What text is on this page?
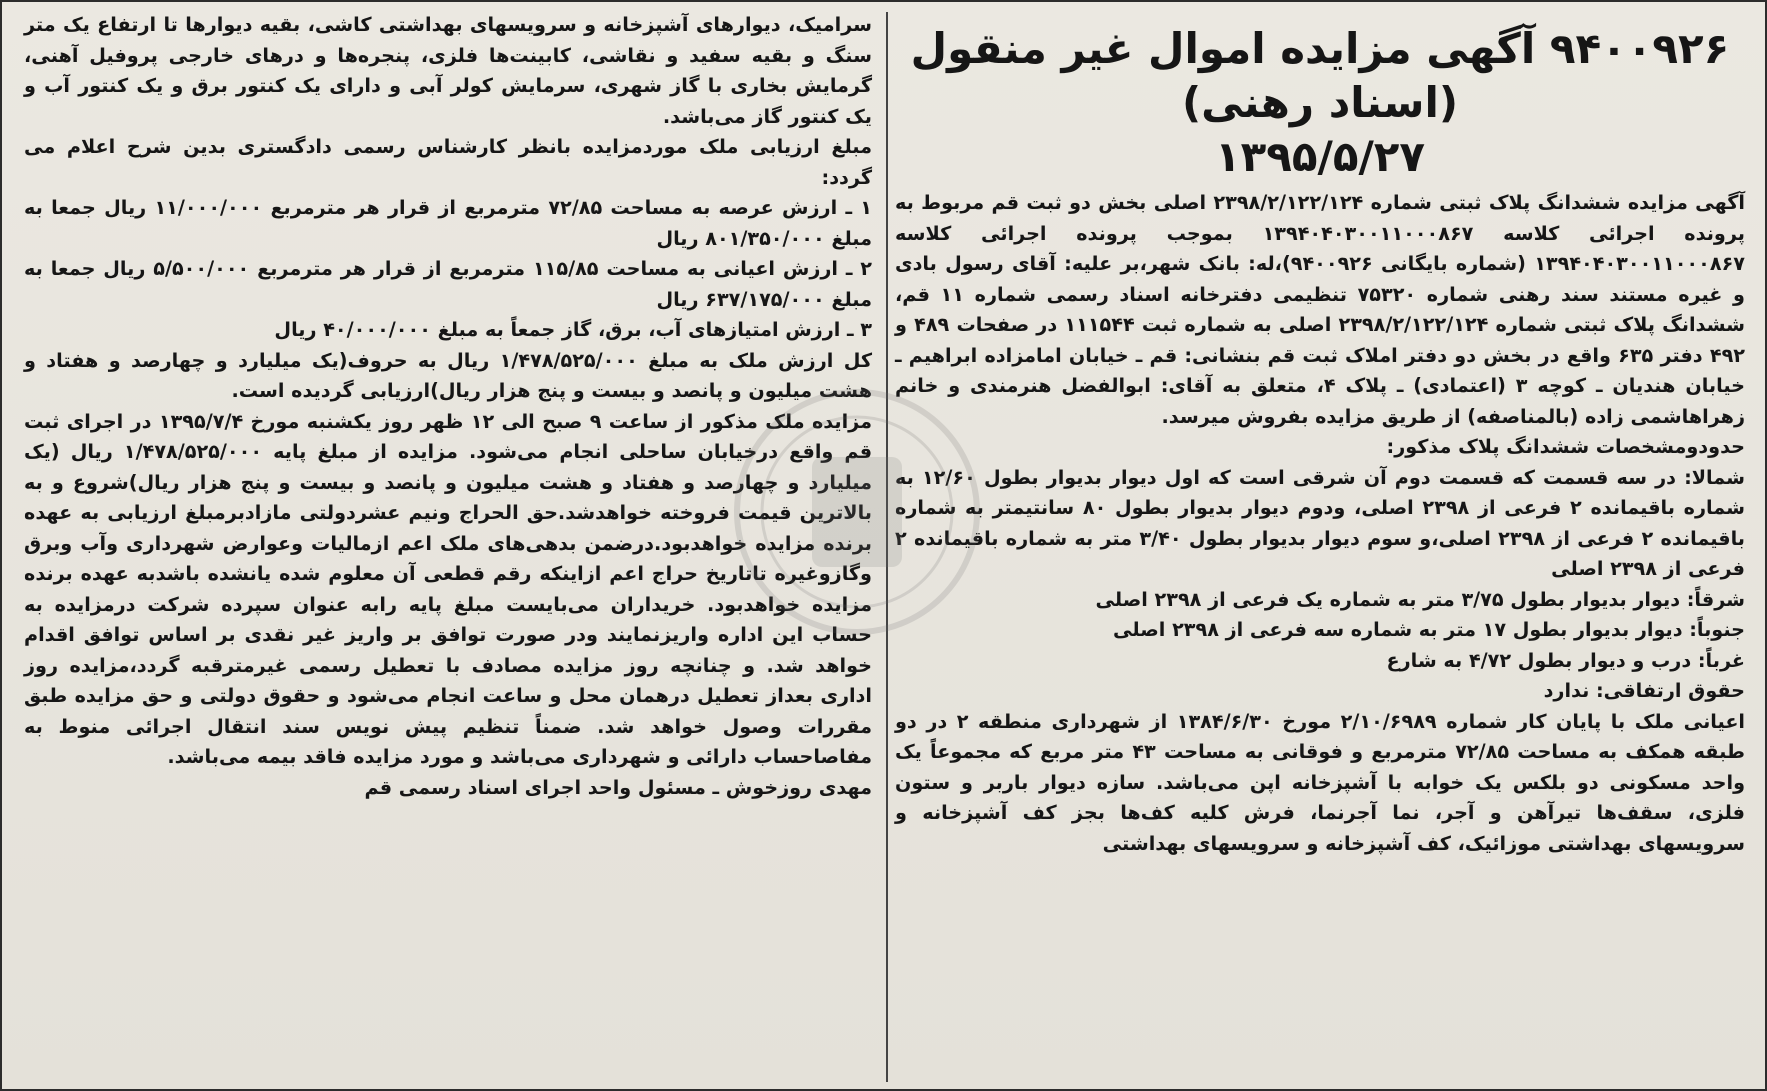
۹۴۰۰۹۲۶ آگهی مزایده اموال غیر منقول (اسناد رهنی)
۱۳۹۵/۵/۲۷

آگهی مزایده ششدانگ پلاک ثبتی شماره ۲۳۹۸/۲/۱۲۲/۱۲۴ اصلی بخش دو ثبت قم مربوط به پرونده اجرائی کلاسه ۱۳۹۴۰۴۰۳۰۰۱۱۰۰۰۸۶۷ بموجب پرونده اجرائی کلاسه ۱۳۹۴۰۴۰۳۰۰۱۱۰۰۰۸۶۷ (شماره بایگانی ۹۴۰۰۹۲۶)،له: بانک شهر،بر علیه: آقای رسول بادی و غیره مستند سند رهنی شماره ۷۵۳۲۰ تنظیمی دفترخانه اسناد رسمی شماره ۱۱ قم، ششدانگ پلاک ثبتی شماره ۲۳۹۸/۲/۱۲۲/۱۲۴ اصلی به شماره ثبت ۱۱۱۵۴۴ در صفحات ۴۸۹ و ۴۹۲ دفتر ۶۳۵ واقع در بخش دو دفتر املاک ثبت قم بنشانی: قم ـ خیابان امامزاده ابراهیم ـ خیابان هندیان ـ کوچه ۳ (اعتمادی) ـ پلاک ۴، متعلق به آقای: ابوالفضل هنرمندی و خانم زهراهاشمی زاده (بالمناصفه) از طریق مزایده بفروش میرسد.

حدودومشخصات ششدانگ پلاک مذکور:

شمالا: در سه قسمت که قسمت دوم آن شرقی است که اول دیوار بدیوار بطول ۱۲/۶۰ به شماره باقیمانده ۲ فرعی از ۲۳۹۸ اصلی، ودوم دیوار بدیوار بطول ۸۰ سانتیمتر به شماره باقیمانده ۲ فرعی از ۲۳۹۸ اصلی،و سوم دیوار بدیوار بطول ۳/۴۰ متر به شماره باقیمانده ۲ فرعی از ۲۳۹۸ اصلی

شرقاً: دیوار بدیوار بطول ۳/۷۵ متر به شماره یک فرعی از ۲۳۹۸ اصلی

جنوباً: دیوار بدیوار بطول ۱۷ متر به شماره سه فرعی از ۲۳۹۸ اصلی

غرباً: درب و دیوار بطول ۴/۷۲ به شارع

حقوق ارتفاقی: ندارد

اعیانی ملک با پایان کار شماره ۲/۱۰/۶۹۸۹ مورخ ۱۳۸۴/۶/۳۰ از شهرداری منطقه ۲ در دو طبقه همکف به مساحت ۷۲/۸۵ مترمربع و فوقانی به مساحت ۴۳ متر مربع که مجموعاً یک واحد مسکونی دو بلکس یک خوابه با آشپزخانه اپن می‌باشد. سازه دیوار باربر و ستون فلزی، سقف‌ها تیرآهن و آجر، نما آجرنما، فرش کلیه کف‌ها بجز کف آشپزخانه و سرویسهای بهداشتی موزائیک، کف آشپزخانه و سرویسهای بهداشتی

سرامیک، دیوارهای آشپزخانه و سرویسهای بهداشتی کاشی، بقیه دیوارها تا ارتفاع یک متر سنگ و بقیه سفید و نقاشی، کابینت‌ها فلزی، پنجره‌ها و درهای خارجی پروفیل آهنی، گرمایش بخاری با گاز شهری، سرمایش کولر آبی و دارای یک کنتور برق و یک کنتور آب و یک کنتور گاز می‌باشد.

مبلغ ارزیابی ملک موردمزایده بانظر کارشناس رسمی دادگستری بدین شرح اعلام می گردد:

۱ ـ ارزش عرصه به مساحت ۷۲/۸۵ مترمربع از قرار هر مترمربع ۱۱/۰۰۰/۰۰۰ ریال جمعا به مبلغ ۸۰۱/۳۵۰/۰۰۰ ریال

۲ ـ ارزش اعیانی به مساحت ۱۱۵/۸۵ مترمربع از قرار هر مترمربع ۵/۵۰۰/۰۰۰ ریال جمعا به مبلغ ۶۳۷/۱۷۵/۰۰۰ ریال

۳ ـ ارزش امتیازهای آب، برق، گاز جمعاً به مبلغ ۴۰/۰۰۰/۰۰۰ ریال

کل ارزش ملک به مبلغ ۱/۴۷۸/۵۲۵/۰۰۰ ریال به حروف(یک میلیارد و چهارصد و هفتاد و هشت میلیون و پانصد و بیست و پنج هزار ریال)ارزیابی گردیده است.

مزایده ملک مذکور از ساعت ۹ صبح الی ۱۲ ظهر روز یکشنبه مورخ ۱۳۹۵/۷/۴ در اجرای ثبت قم واقع درخیابان ساحلی انجام می‌شود. مزایده از مبلغ پایه ۱/۴۷۸/۵۲۵/۰۰۰ ریال (یک میلیارد و چهارصد و هفتاد و هشت میلیون و پانصد و بیست و پنج هزار ریال)شروع و به بالاترین قیمت فروخته خواهدشد.حق الحراج ونیم عشردولتی مازادبرمبلغ ارزیابی به عهده برنده مزایده خواهدبود.درضمن بدهی‌های ملک اعم ازمالیات وعوارض شهرداری وآب وبرق وگازوغیره تاتاریخ حراج اعم ازاینکه رقم قطعی آن معلوم شده یانشده باشدبه عهده برنده مزایده خواهدبود. خریداران می‌بایست مبلغ پایه رابه عنوان سپرده شرکت درمزایده به حساب این اداره واریزنمایند ودر صورت توافق بر واریز غیر نقدی بر اساس توافق اقدام خواهد شد. و چنانچه روز مزایده مصادف با تعطیل رسمی غیرمترقبه گردد،مزایده روز اداری بعداز تعطیل درهمان محل و ساعت انجام می‌شود و حقوق دولتی و حق مزایده طبق مقررات وصول خواهد شد. ضمناً تنظیم پیش نویس سند انتقال اجرائی منوط به مفاصاحساب دارائی و شهرداری می‌باشد و مورد مزایده فاقد بیمه می‌باشد.

مهدی روزخوش ـ مسئول واحد اجرای اسناد رسمی قم
